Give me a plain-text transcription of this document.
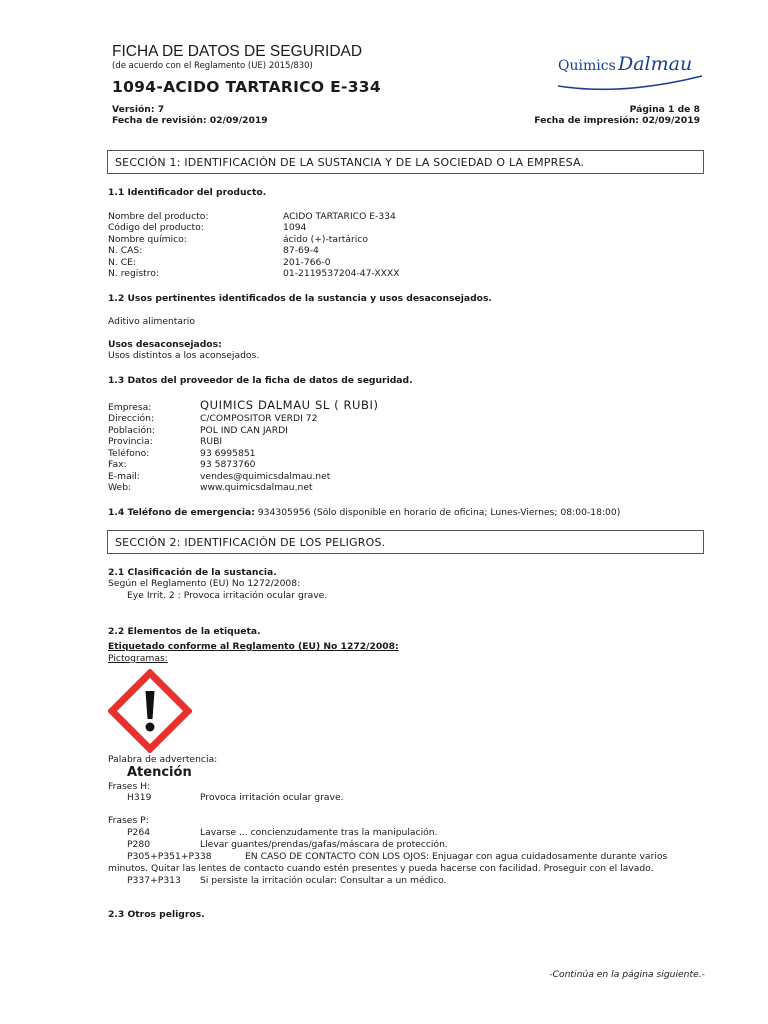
FICHA DE DATOS DE SEGURIDAD
(de acuerdo con el Reglamento (UE) 2015/830)
1094-ACIDO TARTARICO E-334
Quimics Dalmau
Versión: 7
Fecha de revisión: 02/09/2019
Página 1 de 8
Fecha de impresión: 02/09/2019
SECCIÓN 1: IDENTIFICACIÓN DE LA SUSTANCIA Y DE LA SOCIEDAD O LA EMPRESA.
1.1 Identificador del producto.
Nombre del producto:	ACIDO TARTARICO E-334
Código del producto:	1094
Nombre químico:	ácido (+)-tartárico
N. CAS:	87-69-4
N. CE:	201-766-0
N. registro:	01-2119537204-47-XXXX
1.2 Usos pertinentes identificados de la sustancia y usos desaconsejados.
Aditivo alimentario
Usos desaconsejados:
Usos distintos a los aconsejados.
1.3 Datos del proveedor de la ficha de datos de seguridad.
Empresa:	QUIMICS DALMAU SL ( RUBI)
Dirección:	C/COMPOSITOR VERDI 72
Población:	POL IND CAN JARDI
Provincia:	RUBI
Teléfono:	93 6995851
Fax:	93 5873760
E-mail:	vendes@quimicsdalmau.net
Web:	www.quimicsdalmau.net
1.4 Teléfono de emergencia: 934305956 (Sólo disponible en horario de oficina; Lunes-Viernes; 08:00-18:00)
SECCIÓN 2: IDENTIFICACIÓN DE LOS PELIGROS.
2.1 Clasificación de la sustancia.
Según el Reglamento (EU) No 1272/2008:
Eye Irrit. 2 : Provoca irritación ocular grave.
2.2 Elementos de la etiqueta.
Etiquetado conforme al Reglamento (EU) No 1272/2008:
Pictogramas:
Palabra de advertencia:
Atención
Frases H:
H319	Provoca irritación ocular grave.
Frases P:
P264	Lavarse ... concienzudamente tras la manipulación.
P280	Llevar guantes/prendas/gafas/máscara de protección.
P305+P351+P338	EN CASO DE CONTACTO CON LOS OJOS: Enjuagar con agua cuidadosamente durante varios
minutos. Quitar las lentes de contacto cuando estén presentes y pueda hacerse con facilidad. Proseguir con el lavado.
P337+P313 Si persiste la irritación ocular: Consultar a un médico.
2.3 Otros peligros.
-Continúa en la página siguiente.-
